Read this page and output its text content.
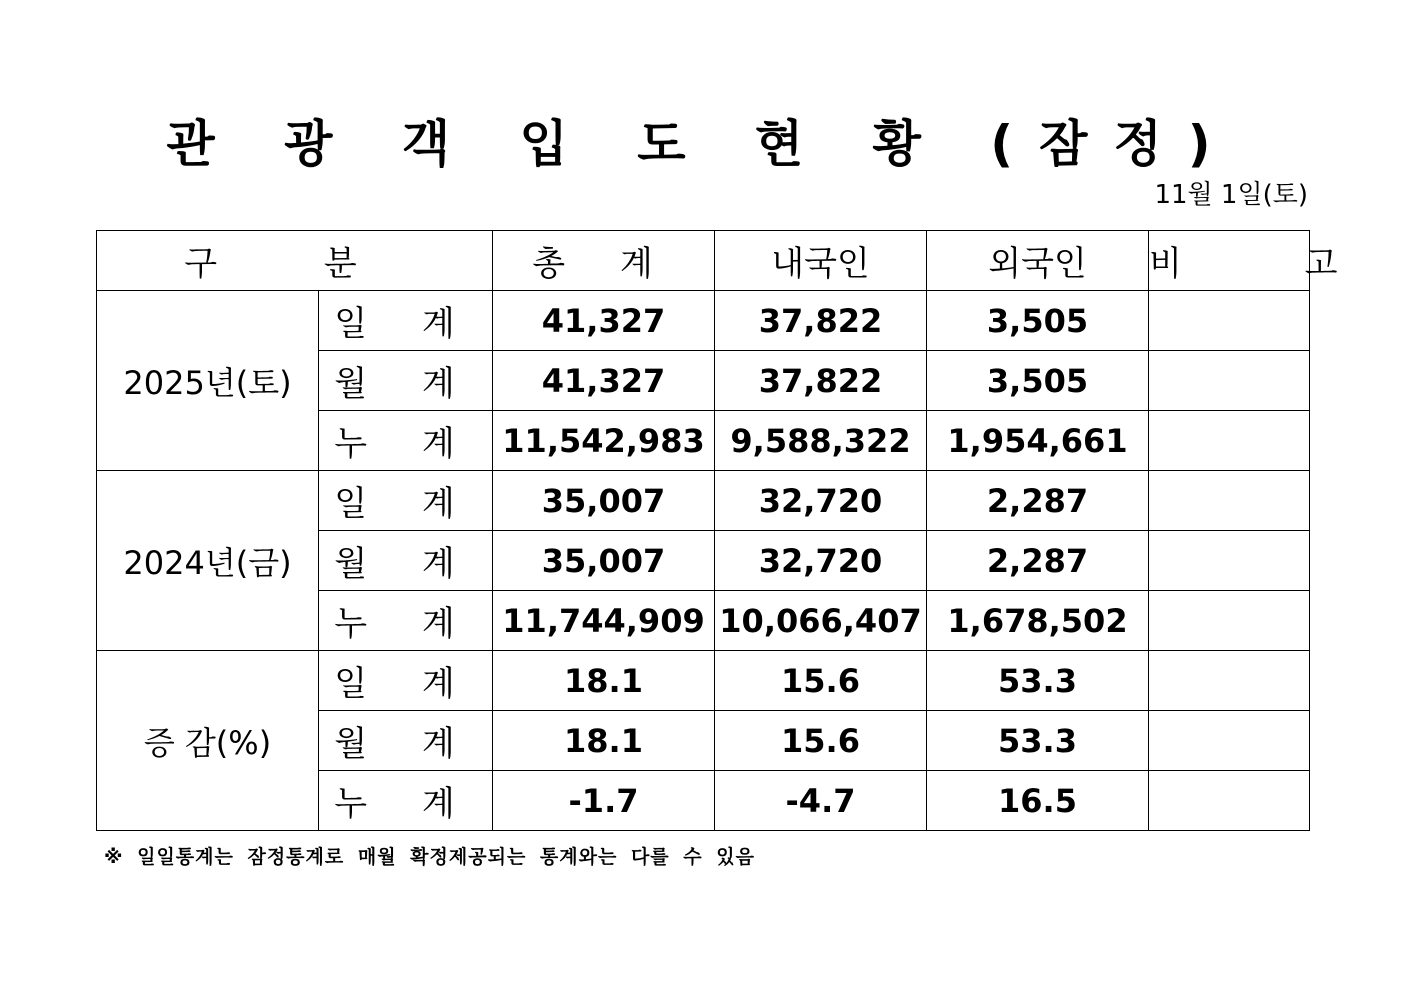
관 광 객 입 도 현 황 (잠정)
11월 1일(토)
구 분		총 계	내국인	외국인	비 고
2025년(토)	일 계	41,327	37,822	3,505	
	월 계	41,327	37,822	3,505	
	누 계	11,542,983	9,588,322	1,954,661	
2024년(금)	일 계	35,007	32,720	2,287	
	월 계	35,007	32,720	2,287	
	누 계	11,744,909	10,066,407	1,678,502	
증 감(%)	일 계	18.1	15.6	53.3	
	월 계	18.1	15.6	53.3	
	누 계	-1.7	-4.7	16.5	
※ 일일통계는 잠정통계로 매월 확정제공되는 통계와는 다를 수 있음
